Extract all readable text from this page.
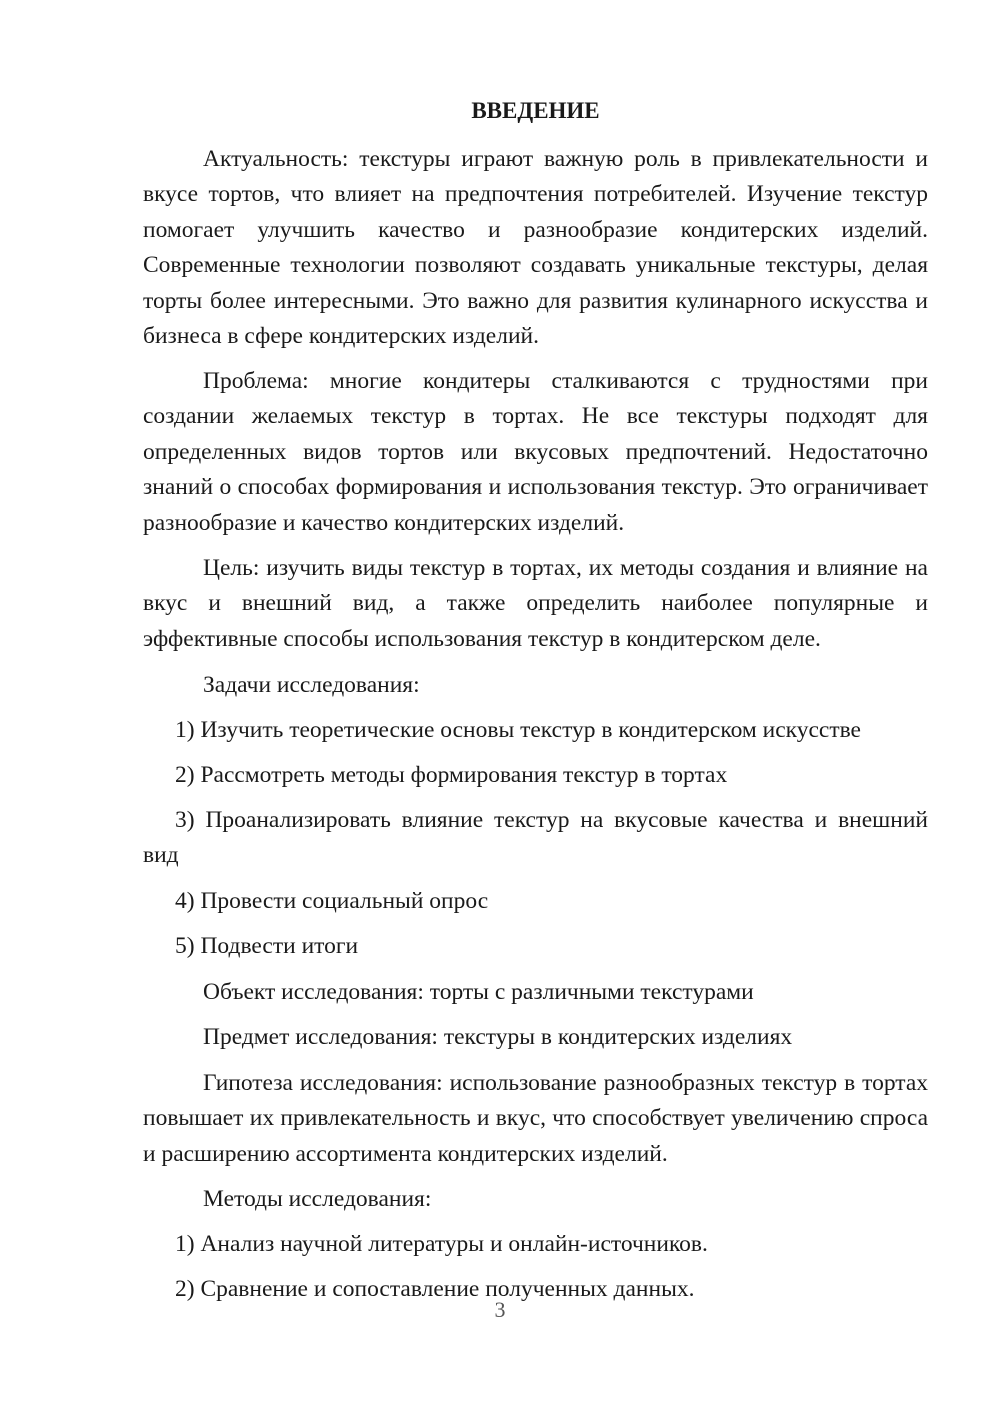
ВВЕДЕНИЕ

Актуальность: текстуры играют важную роль в привлекательности и вкусе тортов, что влияет на предпочтения потребителей. Изучение текстур помогает улучшить качество и разнообразие кондитерских изделий. Современные технологии позволяют создавать уникальные текстуры, делая торты более интересными. Это важно для развития кулинарного искусства и бизнеса в сфере кондитерских изделий.

Проблема: многие кондитеры сталкиваются с трудностями при создании желаемых текстур в тортах. Не все текстуры подходят для определенных видов тортов или вкусовых предпочтений. Недостаточно знаний о способах формирования и использования текстур. Это ограничивает разнообразие и качество кондитерских изделий.

Цель: изучить виды текстур в тортах, их методы создания и влияние на вкус и внешний вид, а также определить наиболее популярные и эффективные способы использования текстур в кондитерском деле.

Задачи исследования:

1) Изучить теоретические основы текстур в кондитерском искусстве

2) Рассмотреть методы формирования текстур в тортах

3) Проанализировать влияние текстур на вкусовые качества и внешний вид

4) Провести социальный опрос

5) Подвести итоги

Объект исследования: торты с различными текстурами

Предмет исследования: текстуры в кондитерских изделиях

Гипотеза исследования: использование разнообразных текстур в тортах повышает их привлекательность и вкус, что способствует увеличению спроса и расширению ассортимента кондитерских изделий.

Методы исследования:

1) Анализ научной литературы и онлайн-источников.

2) Сравнение и сопоставление полученных данных.

3
